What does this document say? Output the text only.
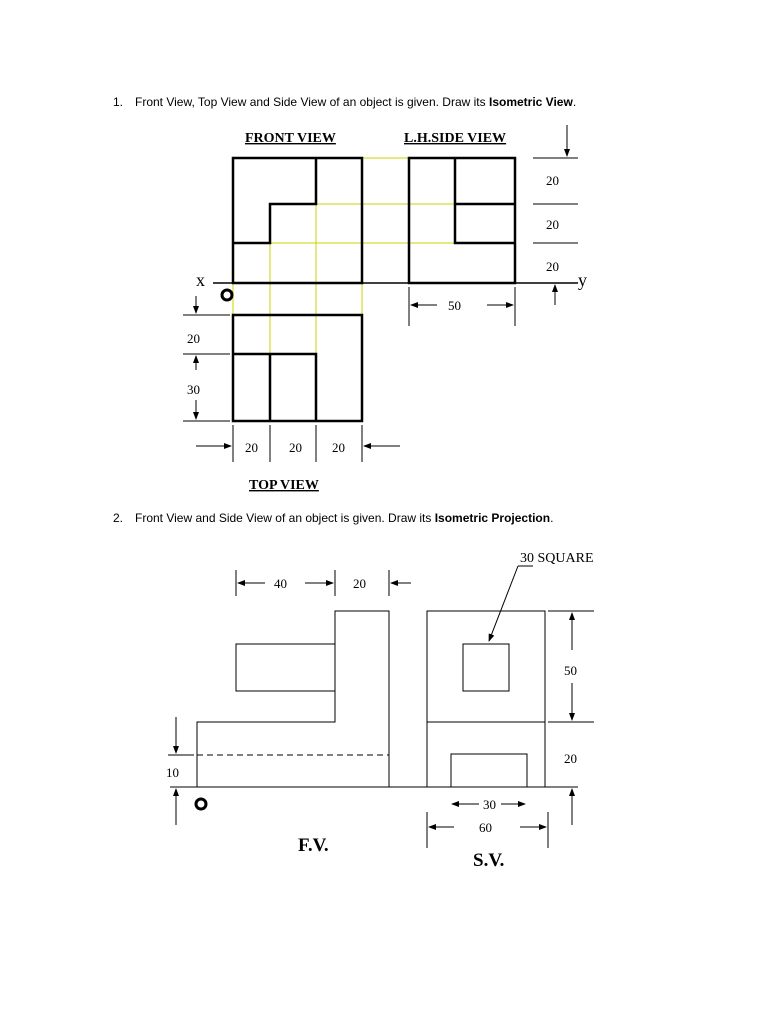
1. Front View, Top View and Side View of an object is given. Draw its Isometric View.
2. Front View and Side View of an object is given. Draw its Isometric Projection.
x	y
FRONT VIEW	L.H.SIDE VIEW
TOP VIEW
20
20
20
50
20
30
20 20 20
30 SQUARE
40	20
50
20
10
30
60
F.V.
S.V.
